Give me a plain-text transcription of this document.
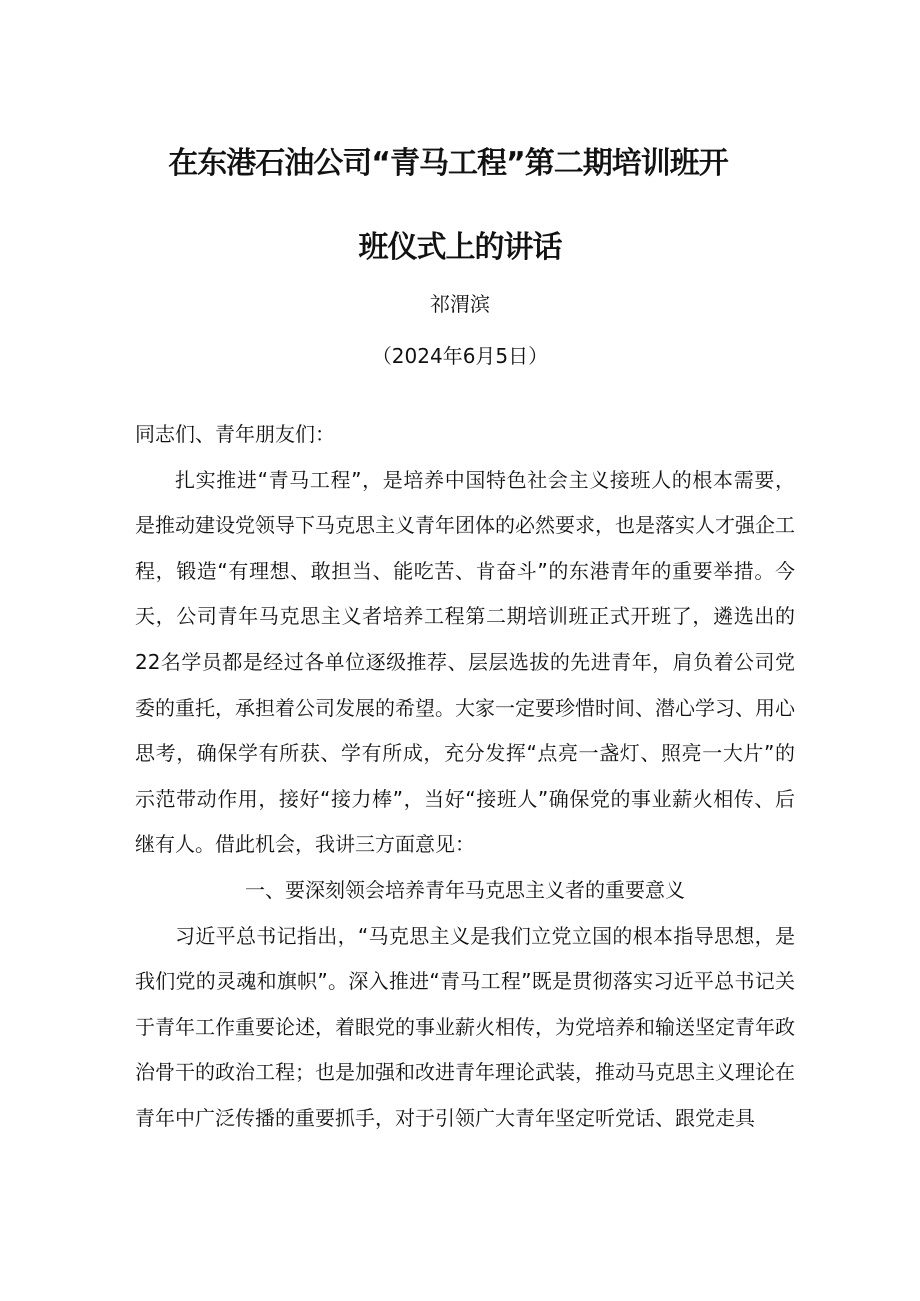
在东港石油公司“青马工程”第二期培训班开
班仪式上的讲话
祁渭滨
（2024年6月5日）

同志们、青年朋友们：

扎实推进“青马工程”，是培养中国特色社会主义接班人的根本需要，是推动建设党领导下马克思主义青年团体的必然要求，也是落实人才强企工程，锻造“有理想、敢担当、能吃苦、肯奋斗”的东港青年的重要举措。今天，公司青年马克思主义者培养工程第二期培训班正式开班了，遴选出的22名学员都是经过各单位逐级推荐、层层选拔的先进青年，肩负着公司党委的重托，承担着公司发展的希望。大家一定要珍惜时间、潜心学习、用心思考，确保学有所获、学有所成，充分发挥“点亮一盏灯、照亮一大片”的示范带动作用，接好“接力棒”，当好“接班人”确保党的事业薪火相传、后继有人。借此机会，我讲三方面意见：

一、要深刻领会培养青年马克思主义者的重要意义

习近平总书记指出，“马克思主义是我们立党立国的根本指导思想，是我们党的灵魂和旗帜”。深入推进“青马工程”既是贯彻落实习近平总书记关于青年工作重要论述，着眼党的事业薪火相传，为党培养和输送坚定青年政治骨干的政治工程；也是加强和改进青年理论武装，推动马克思主义理论在青年中广泛传播的重要抓手，对于引领广大青年坚定听党话、跟党走具
